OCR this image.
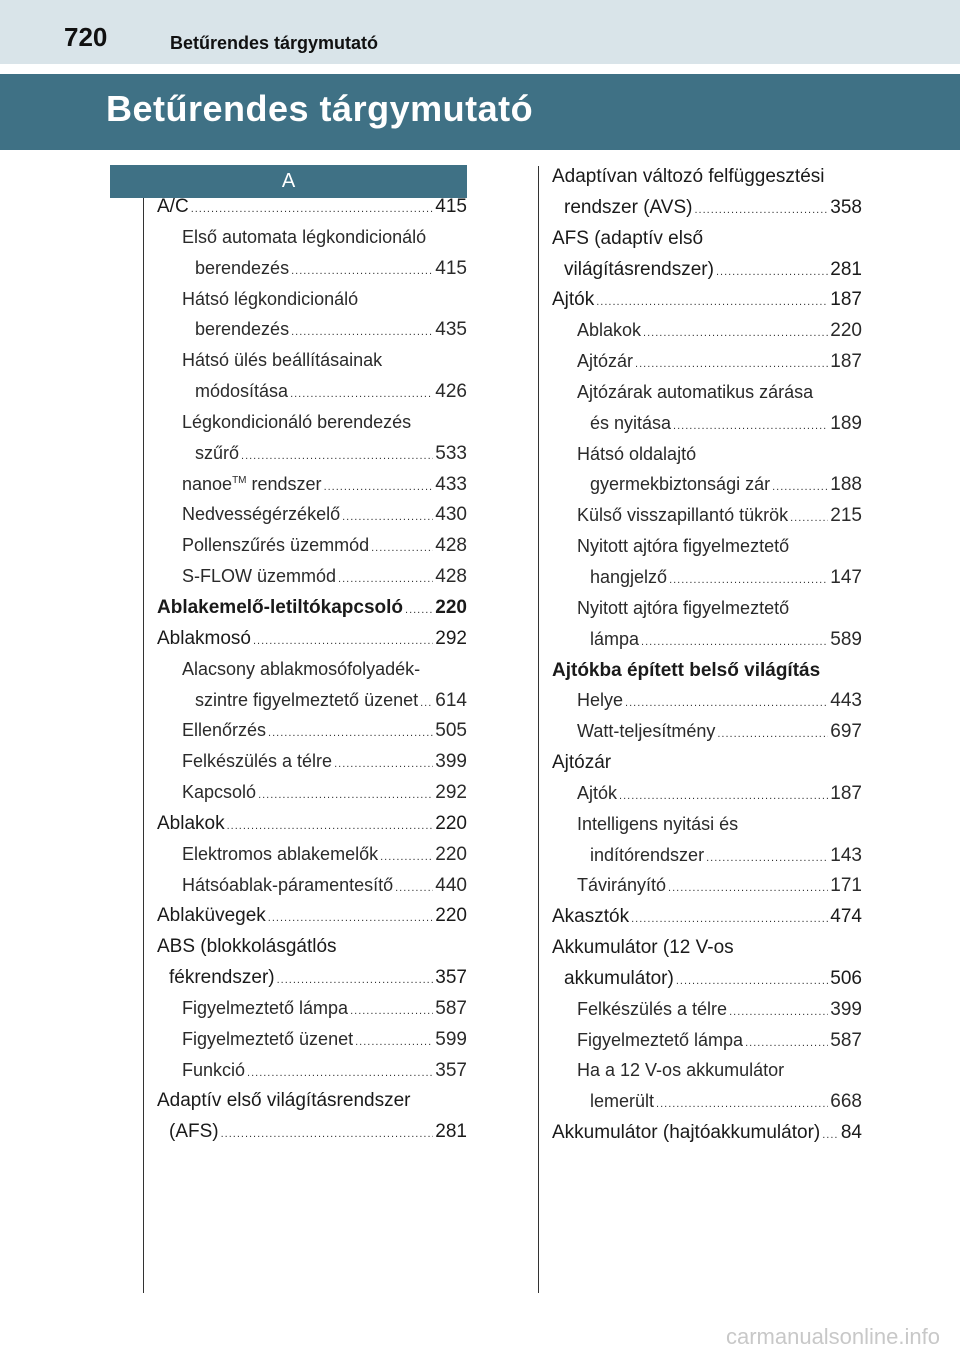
720	Betűrendes tárgymutató
Betűrendes tárgymutató
A
A/C .....	415
Első automata légkondicionáló
berendezés .....	415
Hátsó légkondicionáló
berendezés .....	435
Hátsó ülés beállításainak
módosítása .....	426
Légkondicionáló berendezés
szűrő .....	533
nanoe™ rendszer .....	433
Nedvességérzékelő .....	430
Pollenszűrés üzemmód .....	428
S-FLOW üzemmód .....	428
Ablakemelő-letiltókapcsoló ..... 220
Ablakmosó .....	292
Alacsony ablakmosófolyadék-
szintre figyelmeztető üzenet ..... 614
Ellenőrzés .....	505
Felkészülés a télre .....	399
Kapcsoló .....	292
Ablakok .....	220
Elektromos ablakemelők .....	220
Hátsóablak-páramentesítő ..... 440
Ablaküvegek .....	220
ABS (blokkolásgátlós
fékrendszer) .....	357
Figyelmeztető lámpa .....	587
Figyelmeztető üzenet .....	599
Funkció .....	357
Adaptív első világításrendszer
(AFS) .....	281
Adaptívan változó felfüggesztési
rendszer (AVS) .....	358
AFS (adaptív első
világításrendszer) .....	281
Ajtók .....	187
Ablakok .....	220
Ajtózár .....	187
Ajtózárak automatikus zárása
és nyitása .....	189
Hátsó oldalajtó
gyermekbiztonsági zár .....	188
Külső visszapillantó tükrök ..... 215
Nyitott ajtóra figyelmeztető
hangjelző .....	147
Nyitott ajtóra figyelmeztető
lámpa .....	589
Ajtókba épített belső világítás
Helye .....	443
Watt-teljesítmény .....	697
Ajtózár
Ajtók .....	187
Intelligens nyitási és
indítórendszer .....	143
Távirányító .....	171
Akasztók .....	474
Akkumulátor (12 V-os
akkumulátor) .....	506
Felkészülés a télre .....	399
Figyelmeztető lámpa .....	587
Ha a 12 V-os akkumulátor
lemerült .....	668
Akkumulátor (hajtóakkumulátor) ..... 84
carmanualsonline.info
